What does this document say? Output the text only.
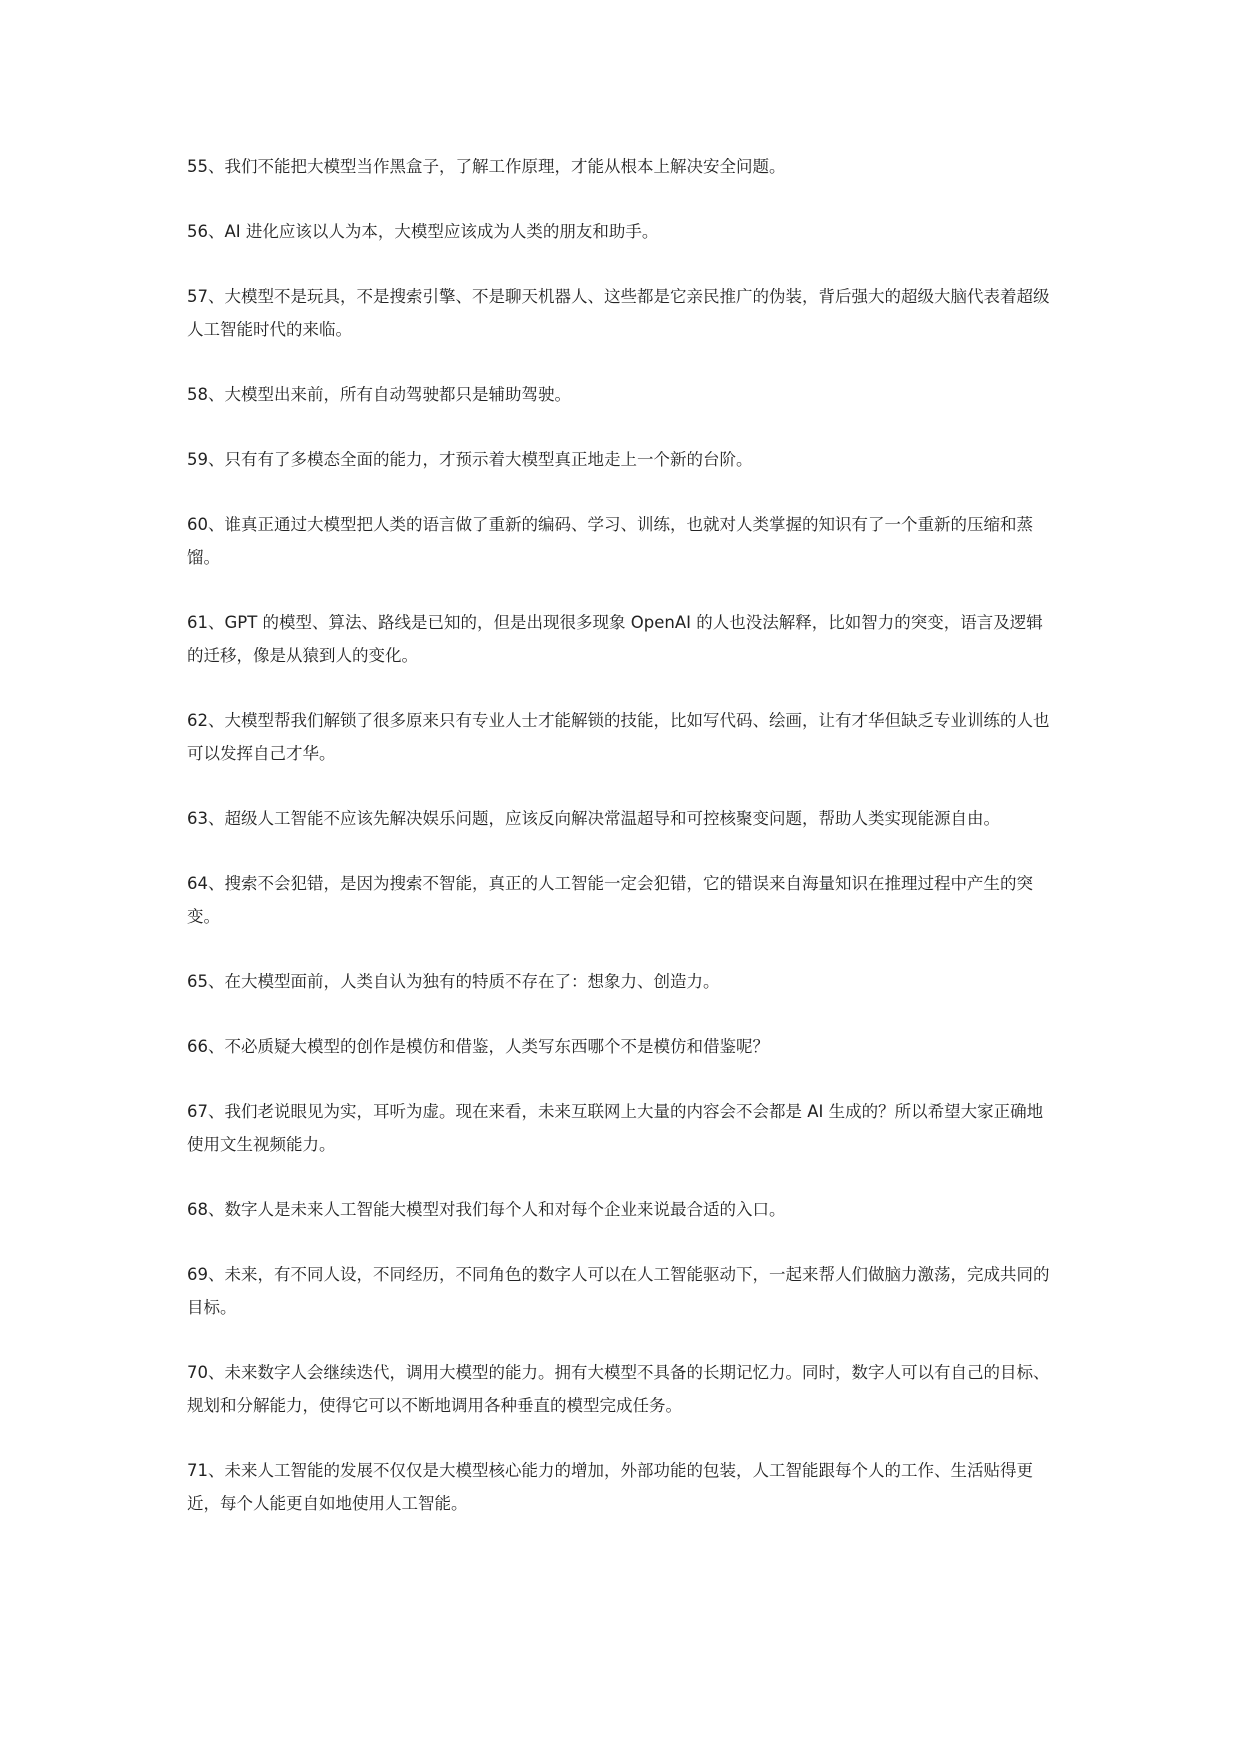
55、我们不能把大模型当作黑盒子，了解工作原理，才能从根本上解决安全问题。

56、AI 进化应该以人为本，大模型应该成为人类的朋友和助手。

57、大模型不是玩具，不是搜索引擎、不是聊天机器人、这些都是它亲民推广的伪装，背后强大的超级大脑代表着超级人工智能时代的来临。

58、大模型出来前，所有自动驾驶都只是辅助驾驶。

59、只有有了多模态全面的能力，才预示着大模型真正地走上一个新的台阶。

60、谁真正通过大模型把人类的语言做了重新的编码、学习、训练，也就对人类掌握的知识有了一个重新的压缩和蒸馏。

61、GPT 的模型、算法、路线是已知的，但是出现很多现象 OpenAI 的人也没法解释，比如智力的突变，语言及逻辑的迁移，像是从猿到人的变化。

62、大模型帮我们解锁了很多原来只有专业人士才能解锁的技能，比如写代码、绘画，让有才华但缺乏专业训练的人也可以发挥自己才华。

63、超级人工智能不应该先解决娱乐问题，应该反向解决常温超导和可控核聚变问题，帮助人类实现能源自由。

64、搜索不会犯错，是因为搜索不智能，真正的人工智能一定会犯错，它的错误来自海量知识在推理过程中产生的突变。

65、在大模型面前，人类自认为独有的特质不存在了：想象力、创造力。

66、不必质疑大模型的创作是模仿和借鉴，人类写东西哪个不是模仿和借鉴呢？

67、我们老说眼见为实，耳听为虚。现在来看，未来互联网上大量的内容会不会都是 AI 生成的？所以希望大家正确地使用文生视频能力。

68、数字人是未来人工智能大模型对我们每个人和对每个企业来说最合适的入口。

69、未来，有不同人设，不同经历，不同角色的数字人可以在人工智能驱动下，一起来帮人们做脑力激荡，完成共同的目标。

70、未来数字人会继续迭代，调用大模型的能力。拥有大模型不具备的长期记忆力。同时，数字人可以有自己的目标、规划和分解能力，使得它可以不断地调用各种垂直的模型完成任务。

71、未来人工智能的发展不仅仅是大模型核心能力的增加，外部功能的包装，人工智能跟每个人的工作、生活贴得更近，每个人能更自如地使用人工智能。
